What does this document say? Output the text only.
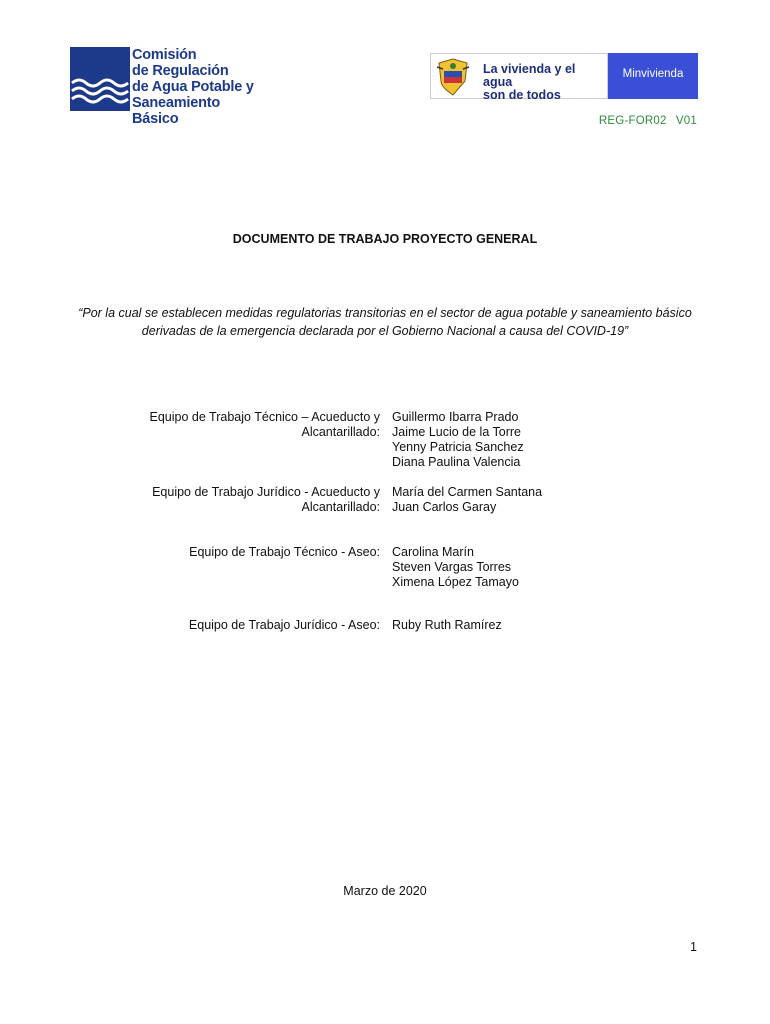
Comisión
de Regulación
de Agua Potable y
Saneamiento Básico
La vivienda y el agua
son de todos
Minvivienda
REG-FOR02 V01
DOCUMENTO DE TRABAJO PROYECTO GENERAL
“Por la cual se establecen medidas regulatorias transitorias en el sector de agua potable y saneamiento básico derivadas de la emergencia declarada por el Gobierno Nacional a causa del COVID-19”
Equipo de Trabajo Técnico – Acueducto y
Alcantarillado:
Guillermo Ibarra Prado
Jaime Lucio de la Torre
Yenny Patricia Sanchez
Diana Paulina Valencia
Equipo de Trabajo Jurídico - Acueducto y
Alcantarillado:
María del Carmen Santana
Juan Carlos Garay
Equipo de Trabajo Técnico - Aseo: Carolina Marín
Steven Vargas Torres
Ximena López Tamayo
Equipo de Trabajo Jurídico - Aseo: Ruby Ruth Ramírez
Marzo de 2020
1
